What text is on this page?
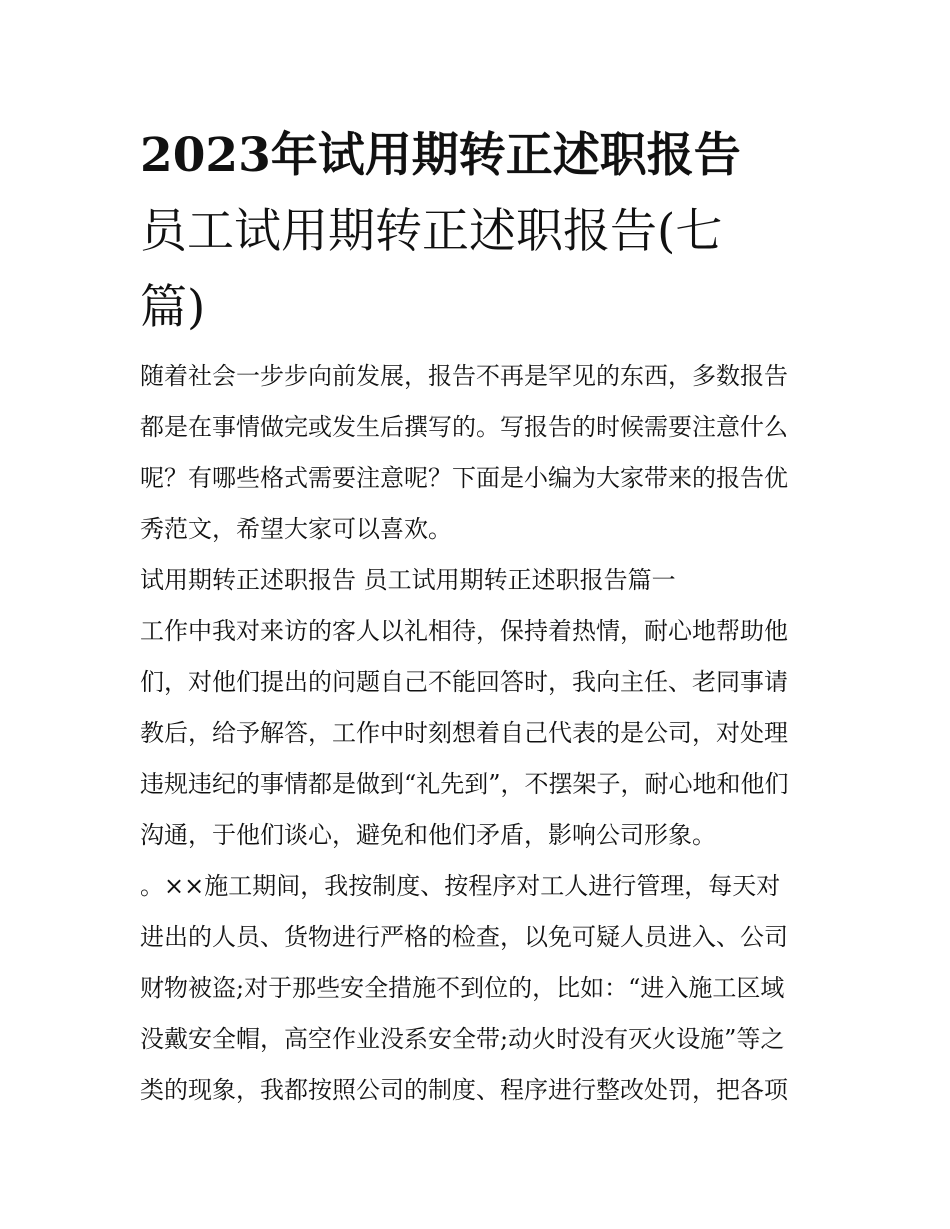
2023年试用期转正述职报告
员工试用期转正述职报告(七
篇)

随着社会一步步向前发展，报告不再是罕见的东西，多数报告
都是在事情做完或发生后撰写的。写报告的时候需要注意什么
呢？有哪些格式需要注意呢？下面是小编为大家带来的报告优
秀范文，希望大家可以喜欢。

试用期转正述职报告 员工试用期转正述职报告篇一

工作中我对来访的客人以礼相待，保持着热情，耐心地帮助他
们，对他们提出的问题自己不能回答时，我向主任、老同事请
教后，给予解答，工作中时刻想着自己代表的是公司，对处理
违规违纪的事情都是做到“礼先到”，不摆架子，耐心地和他们
沟通，于他们谈心，避免和他们矛盾，影响公司形象。

。××施工期间，我按制度、按程序对工人进行管理，每天对
进出的人员、货物进行严格的检查，以免可疑人员进入、公司
财物被盗;对于那些安全措施不到位的，比如：“进入施工区域
没戴安全帽，高空作业没系安全带;动火时没有灭火设施”等之
类的现象，我都按照公司的制度、程序进行整改处罚，把各项
